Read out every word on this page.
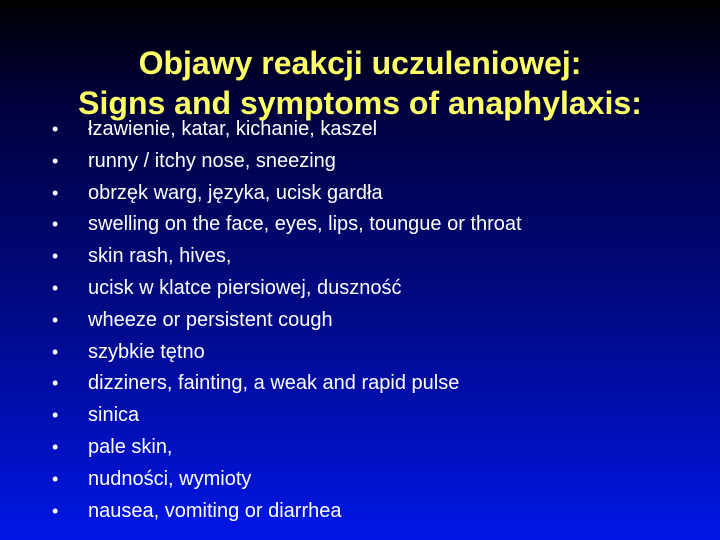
Objawy reakcji uczuleniowej:
Signs and symptoms of anaphylaxis:
•	łzawienie, katar, kichanie, kaszel
•	runny / itchy nose, sneezing
•	obrzęk warg, języka, ucisk gardła
•	swelling on the face, eyes, lips, toungue or throat
•	skin rash, hives,
•	ucisk w klatce piersiowej, duszność
•	wheeze or persistent cough
•	szybkie tętno
•	dizziners, fainting, a weak and rapid pulse
•	sinica
•	pale skin,
•	nudności, wymioty
•	nausea, vomiting or diarrhea
